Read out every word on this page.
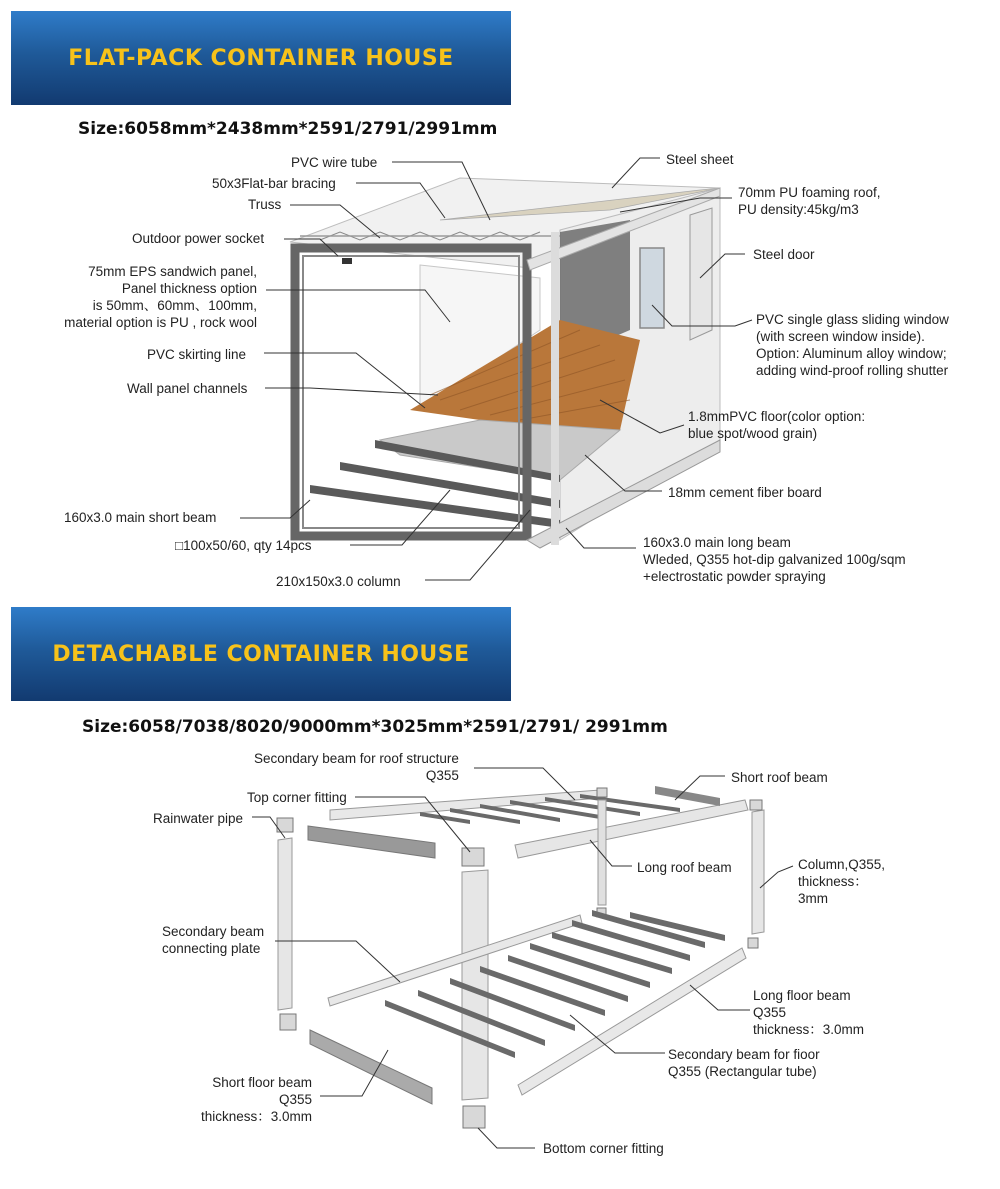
FLAT-PACK CONTAINER HOUSE
Size:6058mm*2438mm*2591/2791/2991mm
PVC wire tube
50x3Flat-bar bracing
Truss
Outdoor power socket
75mm EPS sandwich panel,
Panel thickness option
is 50mm、60mm、100mm,
material option is PU , rock wool
PVC skirting line
Wall panel channels
160x3.0 main short beam
□100x50/60, qty 14pcs
210x150x3.0 column
Steel sheet
70mm PU foaming roof,
PU density:45kg/m3
Steel door
PVC single glass sliding window
(with screen window inside).
Option: Aluminum alloy window;
adding wind-proof rolling shutter
1.8mmPVC floor(color option:
blue spot/wood grain)
18mm cement fiber board
160x3.0 main long beam
Wleded, Q355 hot-dip galvanized 100g/sqm
+electrostatic powder spraying
DETACHABLE CONTAINER HOUSE
Size:6058/7038/8020/9000mm*3025mm*2591/2791/ 2991mm
Secondary beam for roof structure
Q355
Top corner fitting
Rainwater pipe
Secondary beam
connecting plate
Short floor beam
Q355
thickness：3.0mm
Short roof beam
Long roof beam	Column,Q355,
thickness：
3mm
Long floor beam
Q355
thickness：3.0mm
Secondary beam for fioor
Q355 (Rectangular tube)
Bottom corner fitting
